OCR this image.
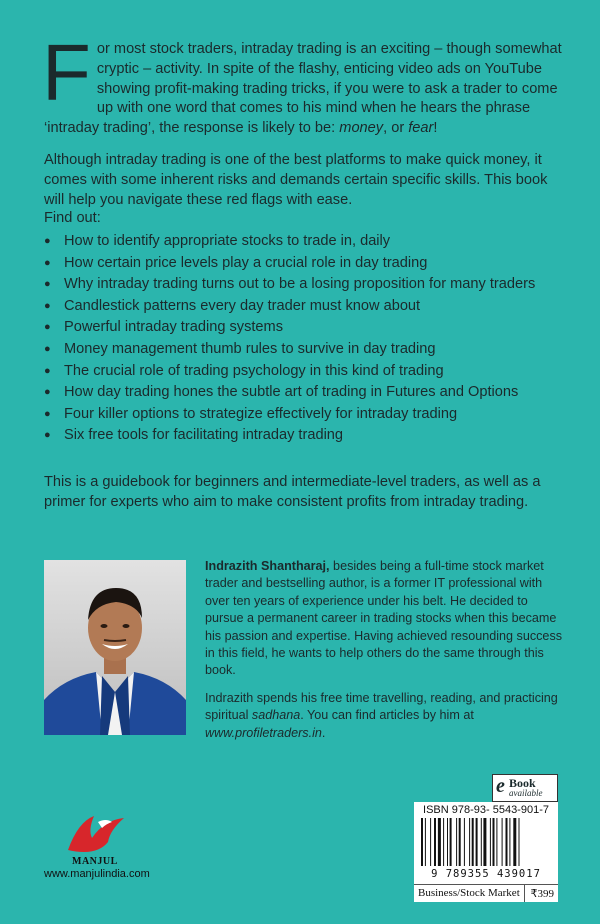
F or most stock traders, intraday trading is an exciting – though somewhat cryptic – activity. In spite of the flashy, enticing video ads on YouTube showing profit-making trading tricks, if you were to ask a trader to come up with one word that comes to his mind when he hears the phrase ‘intraday trading’, the response is likely to be: money, or fear!

Although intraday trading is one of the best platforms to make quick money, it comes with some inherent risks and demands certain specific skills. This book will help you navigate these red flags with ease.

Find out:
● How to identify appropriate stocks to trade in, daily
● How certain price levels play a crucial role in day trading
● Why intraday trading turns out to be a losing proposition for many traders
● Candlestick patterns every day trader must know about
● Powerful intraday trading systems
● Money management thumb rules to survive in day trading
● The crucial role of trading psychology in this kind of trading
● How day trading hones the subtle art of trading in Futures and Options
● Four killer options to strategize effectively for intraday trading
● Six free tools for facilitating intraday trading

This is a guidebook for beginners and intermediate-level traders, as well as a primer for experts who aim to make consistent profits from intraday trading.

Indrazith Shantharaj, besides being a full-time stock market trader and bestselling author, is a former IT professional with over ten years of experience under his belt. He decided to pursue a permanent career in trading stocks when this became his passion and expertise. Having achieved resounding success in this field, he wants to help others do the same through this book.

Indrazith spends his free time travelling, reading, and practicing spiritual sadhana. You can find articles by him at www.profiletraders.in.

e Book
available
ISBN 978-93- 5543-901-7
9 789355 439017
Business/Stock Market ₹399
MANJUL
www.manjulindia.com
